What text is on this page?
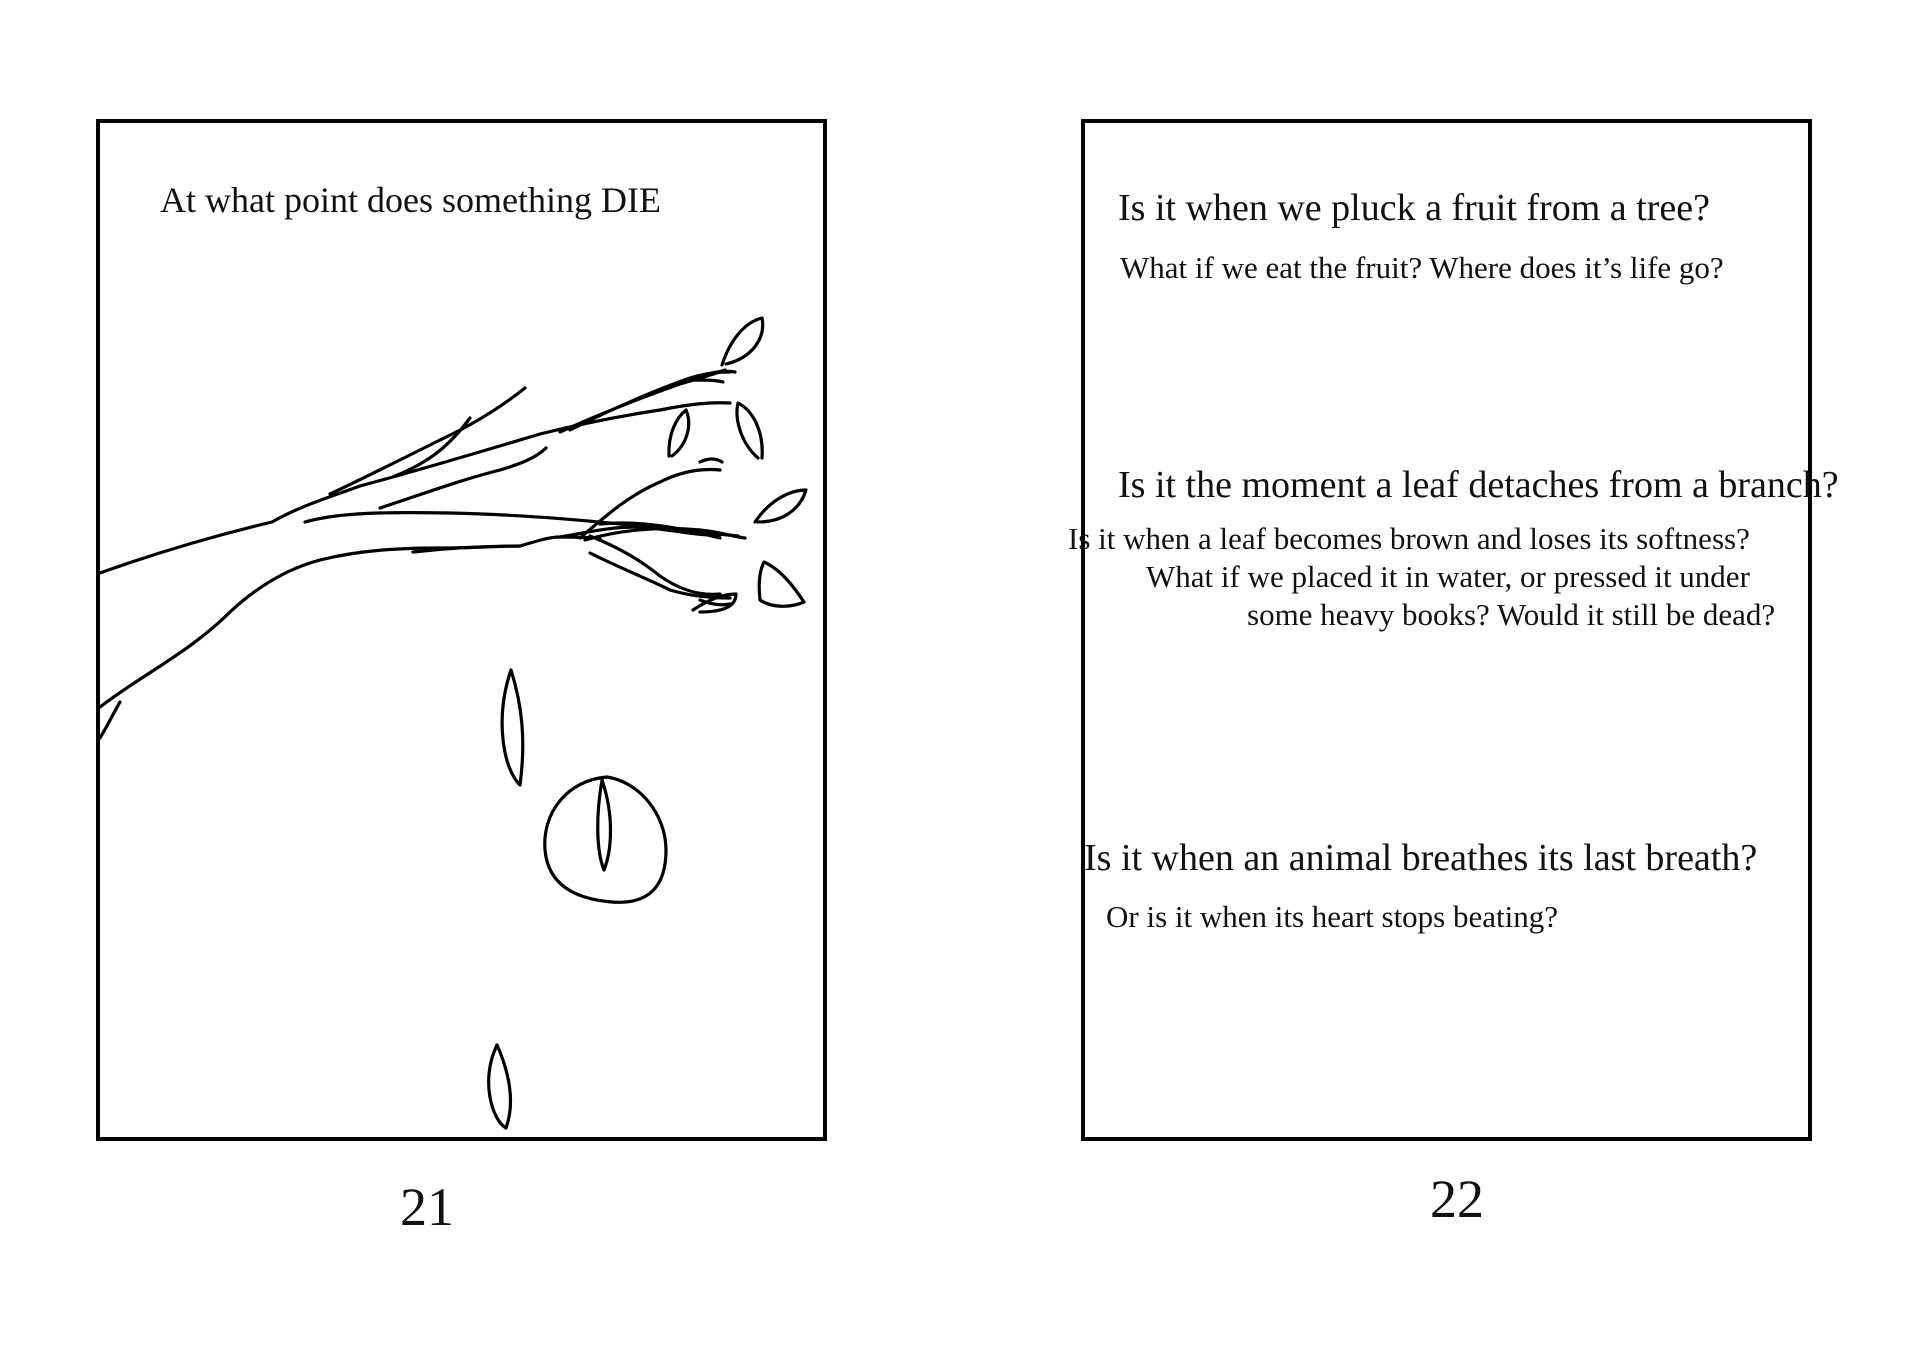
At what point does something DIE
21
Is it when we pluck a fruit from a tree?
What if we eat the fruit? Where does it’s life go?
Is it the moment a leaf detaches from a branch?
Is it when a leaf becomes brown and loses its softness?
What if we placed it in water, or pressed it under
some heavy books? Would it still be dead?
Is it when an animal breathes its last breath?
Or is it when its heart stops beating?
22
